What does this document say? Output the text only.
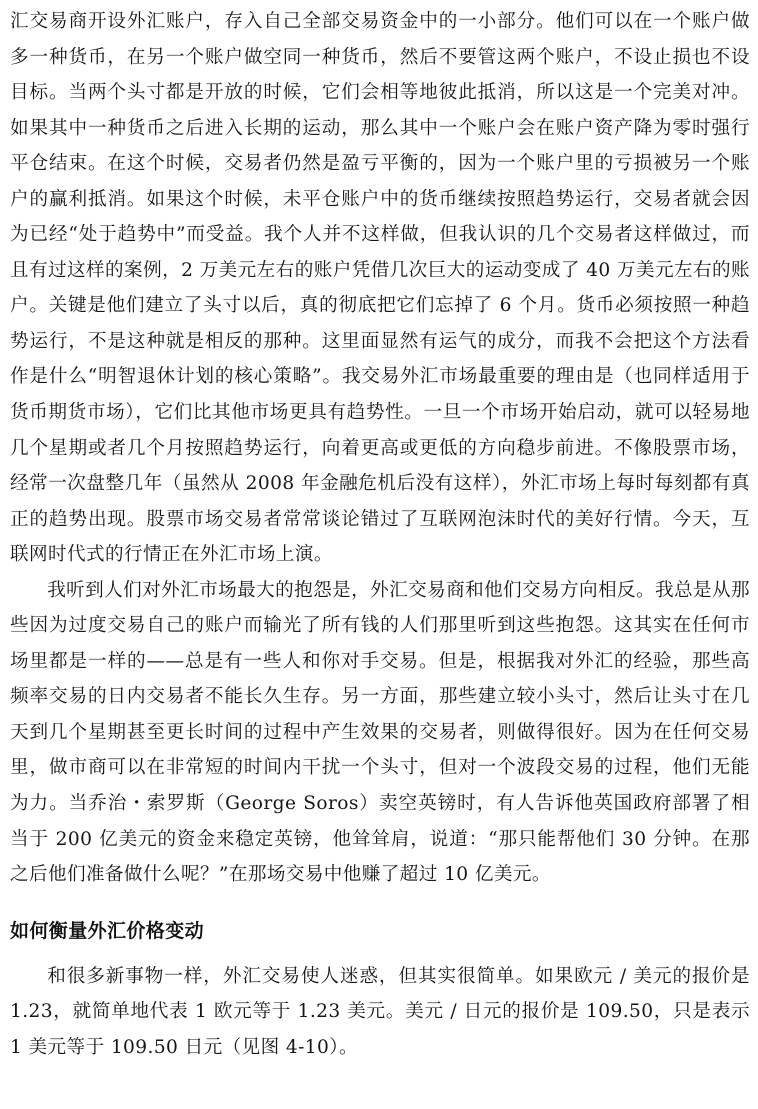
汇交易商开设外汇账户，存入自己全部交易资金中的一小部分。他们可以在一个账户做多一种货币，在另一个账户做空同一种货币，然后不要管这两个账户，不设止损也不设目标。当两个头寸都是开放的时候，它们会相等地彼此抵消，所以这是一个完美对冲。如果其中一种货币之后进入长期的运动，那么其中一个账户会在账户资产降为零时强行平仓结束。在这个时候，交易者仍然是盈亏平衡的，因为一个账户里的亏损被另一个账户的赢利抵消。如果这个时候，未平仓账户中的货币继续按照趋势运行，交易者就会因为已经“处于趋势中”而受益。我个人并不这样做，但我认识的几个交易者这样做过，而且有过这样的案例，2 万美元左右的账户凭借几次巨大的运动变成了 40 万美元左右的账户。关键是他们建立了头寸以后，真的彻底把它们忘掉了 6 个月。货币必须按照一种趋势运行，不是这种就是相反的那种。这里面显然有运气的成分，而我不会把这个方法看作是什么“明智退休计划的核心策略”。我交易外汇市场最重要的理由是（也同样适用于货币期货市场），它们比其他市场更具有趋势性。一旦一个市场开始启动，就可以轻易地几个星期或者几个月按照趋势运行，向着更高或更低的方向稳步前进。不像股票市场，经常一次盘整几年（虽然从 2008 年金融危机后没有这样），外汇市场上每时每刻都有真正的趋势出现。股票市场交易者常常谈论错过了互联网泡沫时代的美好行情。今天，互联网时代式的行情正在外汇市场上演。

我听到人们对外汇市场最大的抱怨是，外汇交易商和他们交易方向相反。我总是从那些因为过度交易自己的账户而输光了所有钱的人们那里听到这些抱怨。这其实在任何市场里都是一样的——总是有一些人和你对手交易。但是，根据我对外汇的经验，那些高频率交易的日内交易者不能长久生存。另一方面，那些建立较小头寸，然后让头寸在几天到几个星期甚至更长时间的过程中产生效果的交易者，则做得很好。因为在任何交易里，做市商可以在非常短的时间内干扰一个头寸，但对一个波段交易的过程，他们无能为力。当乔治・索罗斯（George Soros）卖空英镑时，有人告诉他英国政府部署了相当于 200 亿美元的资金来稳定英镑，他耸耸肩，说道：“那只能帮他们 30 分钟。在那之后他们准备做什么呢？”在那场交易中他赚了超过 10 亿美元。

如何衡量外汇价格变动

和很多新事物一样，外汇交易使人迷惑，但其实很简单。如果欧元 / 美元的报价是 1.23，就简单地代表 1 欧元等于 1.23 美元。美元 / 日元的报价是 109.50，只是表示 1 美元等于 109.50 日元（见图 4-10）。
